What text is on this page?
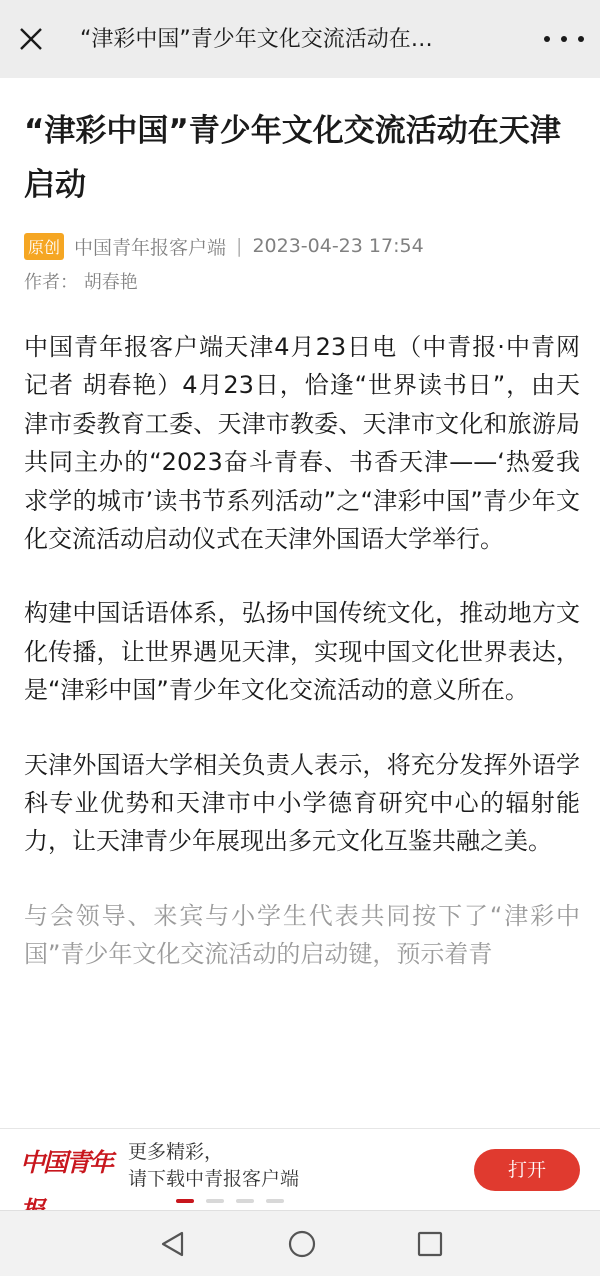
“津彩中国”青少年文化交流活动在…
“津彩中国”青少年文化交流活动在天津启动
原创 中国青年报客户端 | 2023-04-23 17:54
作者： 胡春艳

中国青年报客户端天津4月23日电（中青报·中青网记者 胡春艳）4月23日，恰逢“世界读书日”，由天津市委教育工委、天津市教委、天津市文化和旅游局共同主办的“2023奋斗青春、书香天津——‘热爱我求学的城市’读书节系列活动”之“津彩中国”青少年文化交流活动启动仪式在天津外国语大学举行。

构建中国话语体系，弘扬中国传统文化，推动地方文化传播，让世界遇见天津，实现中国文化世界表达，是“津彩中国”青少年文化交流活动的意义所在。

天津外国语大学相关负责人表示，将充分发挥外语学科专业优势和天津市中小学德育研究中心的辐射能力，让天津青少年展现出多元文化互鉴共融之美。

与会领导、来宾与小学生代表共同按下了“津彩中国”青少年文化交流活动的启动键，预示着青

中国青年 更多精彩，
请下载中青报客户端	打开
